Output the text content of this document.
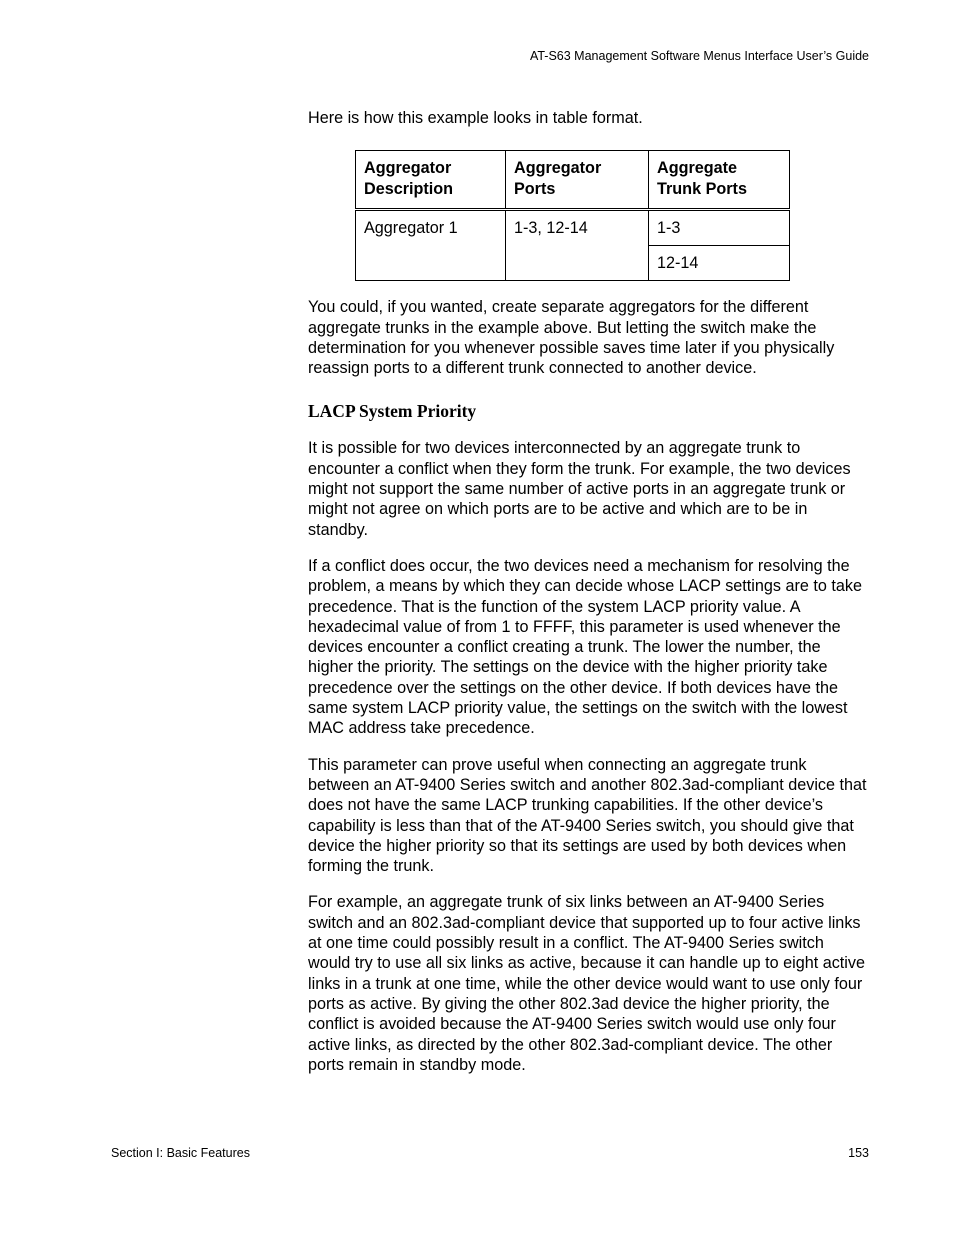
AT-S63 Management Software Menus Interface User’s Guide

Here is how this example looks in table format.

Aggregator Description	Aggregator Ports	Aggregate Trunk Ports
Aggregator 1	1-3, 12-14	1-3
		12-14

You could, if you wanted, create separate aggregators for the different aggregate trunks in the example above. But letting the switch make the determination for you whenever possible saves time later if you physically reassign ports to a different trunk connected to another device.

LACP System Priority

It is possible for two devices interconnected by an aggregate trunk to encounter a conflict when they form the trunk. For example, the two devices might not support the same number of active ports in an aggregate trunk or might not agree on which ports are to be active and which are to be in standby.

If a conflict does occur, the two devices need a mechanism for resolving the problem, a means by which they can decide whose LACP settings are to take precedence. That is the function of the system LACP priority value. A hexadecimal value of from 1 to FFFF, this parameter is used whenever the devices encounter a conflict creating a trunk. The lower the number, the higher the priority. The settings on the device with the higher priority take precedence over the settings on the other device. If both devices have the same system LACP priority value, the settings on the switch with the lowest MAC address take precedence.

This parameter can prove useful when connecting an aggregate trunk between an AT-9400 Series switch and another 802.3ad-compliant device that does not have the same LACP trunking capabilities. If the other device’s capability is less than that of the AT-9400 Series switch, you should give that device the higher priority so that its settings are used by both devices when forming the trunk.

For example, an aggregate trunk of six links between an AT-9400 Series switch and an 802.3ad-compliant device that supported up to four active links at one time could possibly result in a conflict. The AT-9400 Series switch would try to use all six links as active, because it can handle up to eight active links in a trunk at one time, while the other device would want to use only four ports as active. By giving the other 802.3ad device the higher priority, the conflict is avoided because the AT-9400 Series switch would use only four active links, as directed by the other 802.3ad-compliant device. The other ports remain in standby mode.

Section I: Basic Features	153
